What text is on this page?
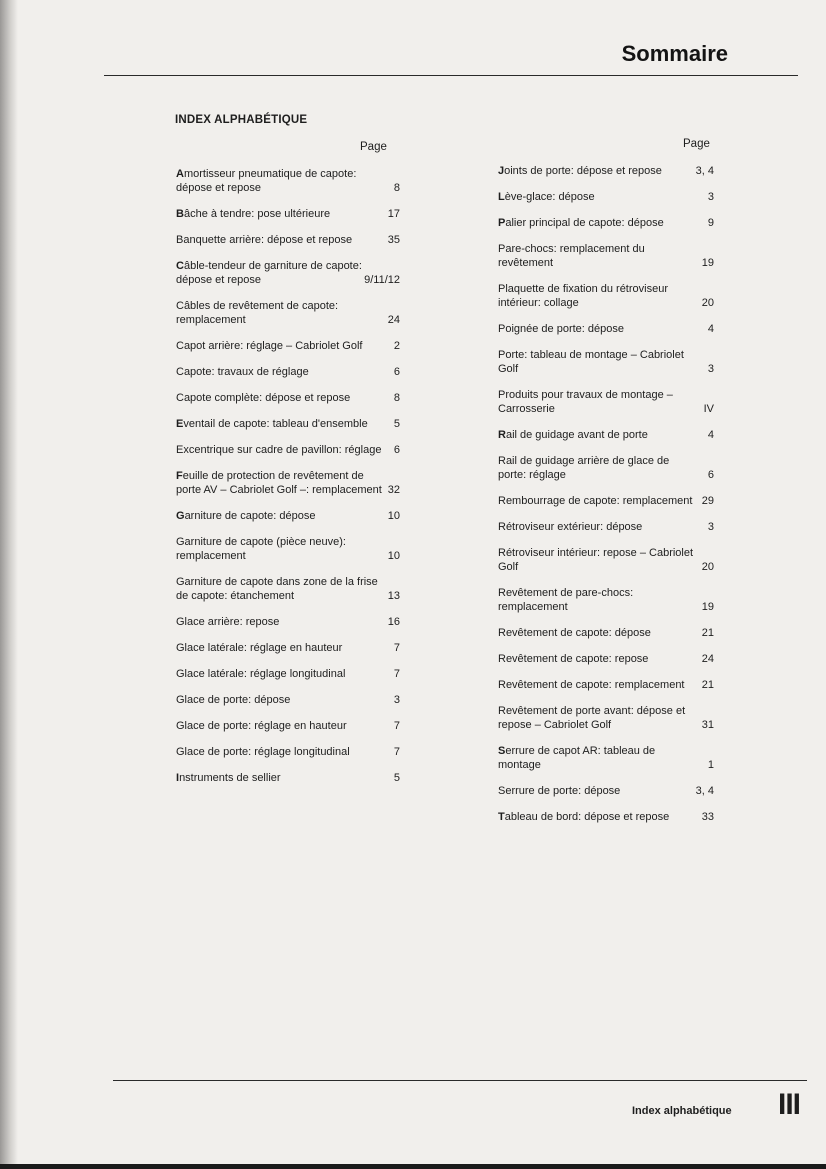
Sommaire
INDEX ALPHABÉTIQUE
Page	Page
Amortisseur pneumatique de capote: dépose et repose	8
Bâche à tendre: pose ultérieure	17
Banquette arrière: dépose et repose	35
Câble-tendeur de garniture de capote: dépose et repose	9/11/12
Câbles de revêtement de capote: remplacement	24
Capot arrière: réglage – Cabriolet Golf	2
Capote: travaux de réglage	6
Capote complète: dépose et repose	8
Eventail de capote: tableau d'ensemble	5
Excentrique sur cadre de pavillon: réglage 6
Feuille de protection de revêtement de porte AV – Cabriolet Golf –: remplacement 32
Garniture de capote: dépose	10
Garniture de capote (pièce neuve): remplacement	10
Garniture de capote dans zone de la frise de capote: étanchement	13
Glace arrière: repose	16
Glace latérale: réglage en hauteur	7
Glace latérale: réglage longitudinal	7
Glace de porte: dépose	3
Glace de porte: réglage en hauteur	7
Glace de porte: réglage longitudinal	7
Instruments de sellier	5
Joints de porte: dépose et repose	3, 4
Lève-glace: dépose	3
Palier principal de capote: dépose	9
Pare-chocs: remplacement du revêtement	19
Plaquette de fixation du rétroviseur intérieur: collage	20
Poignée de porte: dépose	4
Porte: tableau de montage – Cabriolet Golf	3
Produits pour travaux de montage – Carrosserie	IV
Rail de guidage avant de porte	4
Rail de guidage arrière de glace de porte: réglage	6
Rembourrage de capote: remplacement 29
Rétroviseur extérieur: dépose	3
Rétroviseur intérieur: repose – Cabriolet Golf	20
Revêtement de pare-chocs: remplacement	19
Revêtement de capote: dépose	21
Revêtement de capote: repose	24
Revêtement de capote: remplacement	21
Revêtement de porte avant: dépose et repose – Cabriolet Golf	31
Serrure de capot AR: tableau de montage	1
Serrure de porte: dépose	3, 4
Tableau de bord: dépose et repose	33
Index alphabétique III
